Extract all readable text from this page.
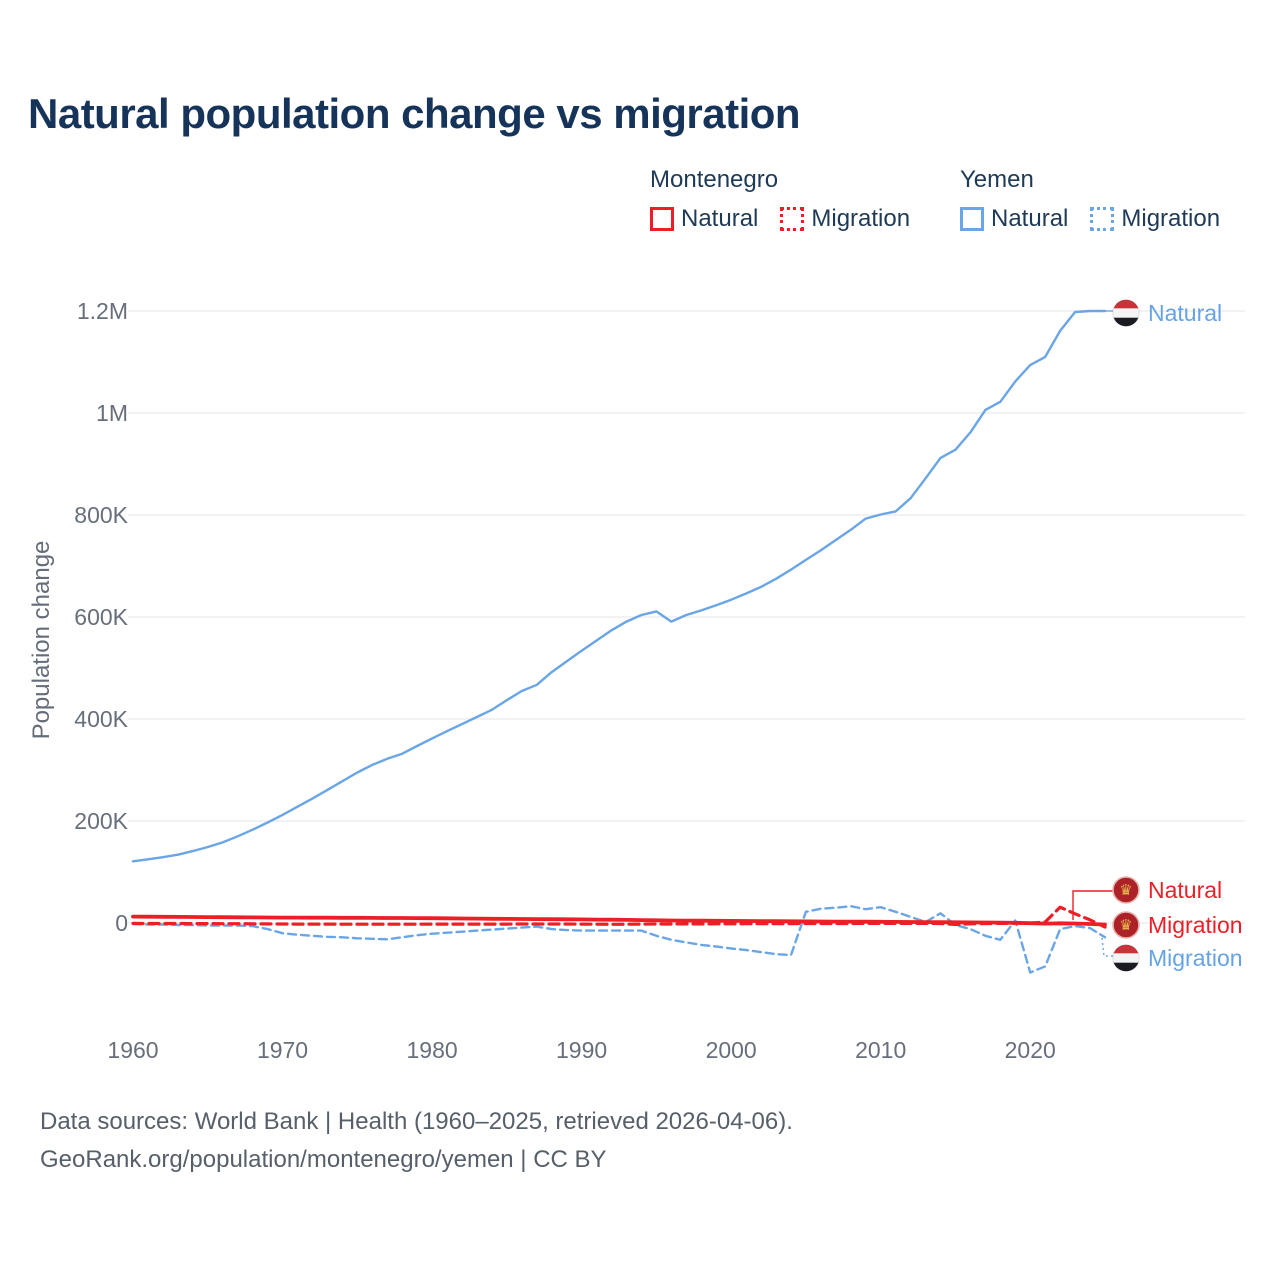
Population change
0
200K
400K
600K
800K
1M
1.2M
1960	1970	1980	1990	2000	2010	2020
Natural population change vs migration
Montenegro
Natural Migration
Yemen
Natural Migration
Natural
♛ Natural
♛ Migration
Migration
Data sources: World Bank | Health (1960–2025, retrieved 2026-04-06).
GeoRank.org/population/montenegro/yemen | CC BY
